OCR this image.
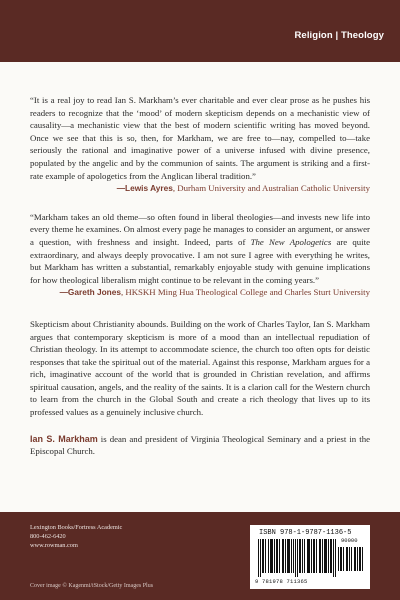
Religion | Theology

“It is a real joy to read Ian S. Markham’s ever charitable and ever clear prose as he pushes his readers to recognize that the ‘mood’ of modern skepticism depends on a mechanistic view of causality—a mechanistic view that the best of modern scientific writing has moved beyond. Once we see that this is so, then, for Markham, we are free to—nay, compelled to—take seriously the rational and imaginative power of a universe infused with divine presence, populated by the angelic and by the communion of saints. The argument is striking and a first-rate example of apologetics from the Anglican liberal tradition.”

—Lewis Ayres, Durham University and Australian Catholic University

“Markham takes an old theme—so often found in liberal theologies—and invests new life into every theme he examines. On almost every page he manages to consider an argument, or answer a question, with freshness and insight. Indeed, parts of The New Apologetics are quite extraordinary, and always deeply provocative. I am not sure I agree with everything he writes, but Markham has written a substantial, remarkably enjoyable study with genuine implications for how theological liberalism might continue to be relevant in the coming years.”

—Gareth Jones, HKSKH Ming Hua Theological College and Charles Sturt University

Skepticism about Christianity abounds. Building on the work of Charles Taylor, Ian S. Markham argues that contemporary skepticism is more of a mood than an intellectual repudiation of Christian theology. In its attempt to accommodate science, the church too often opts for deistic responses that take the spiritual out of the material. Against this response, Markham argues for a rich, imaginative account of the world that is grounded in Christian revelation, and affirms spiritual causation, angels, and the reality of the saints. It is a clarion call for the Western church to learn from the church in the Global South and create a rich theology that lives up to its professed values as a genuinely inclusive church.

Ian S. Markham is dean and president of Virginia Theological Seminary and a priest in the Episcopal Church.

Lexington Books/Fortress Academic
800-462-6420
www.rowman.com
Cover image © Kagenmi/iStock/Getty Images Plus
ISBN 978-1-9787-1136-5
90000
9 781978 711365
